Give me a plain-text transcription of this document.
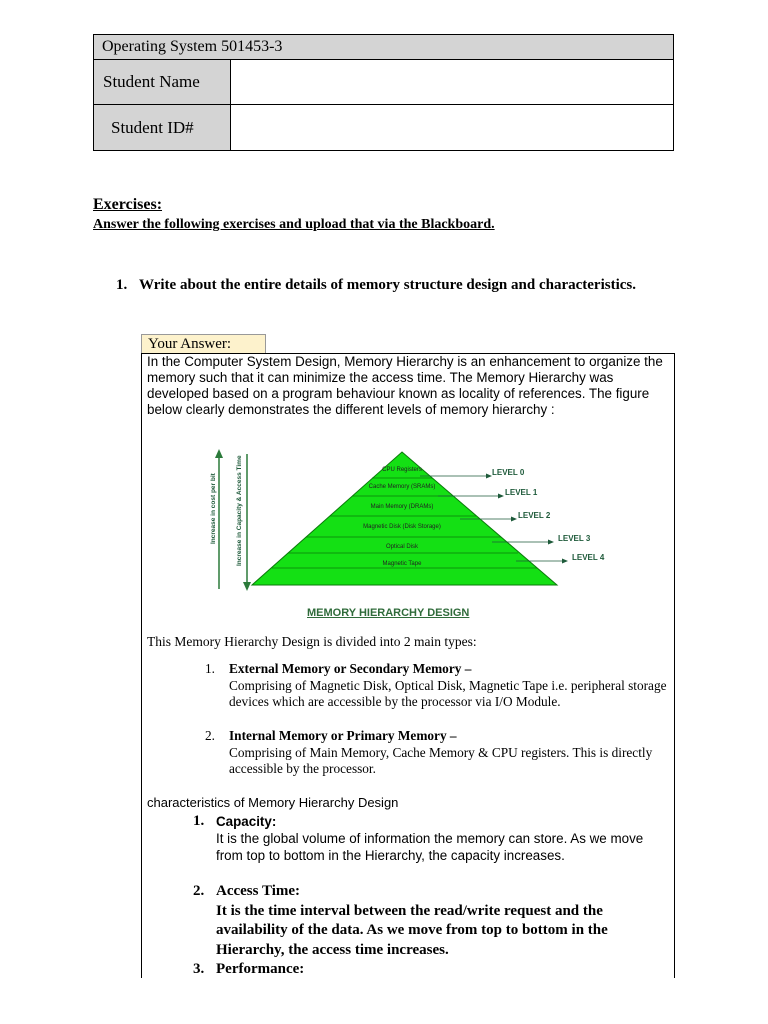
Operating System 501453-3
Student Name
Student ID#
Exercises:
Answer the following exercises and upload that via the Blackboard.
1. Write about the entire details of memory structure design and characteristics.
Your Answer:
In the Computer System Design, Memory Hierarchy is an enhancement to organize the memory such that it can minimize the access time. The Memory Hierarchy was developed based on a program behaviour known as locality of references. The figure below clearly demonstrates the different levels of memory hierarchy :
Increase in cost per bit	Increase in Capacity & Access Time	CPU Registers
Cache Memory (SRAMs)
Main Memory (DRAMs)
Magnetic Disk (Disk Storage)
Optical Disk
Magnetic Tape
LEVEL 0
LEVEL 1
LEVEL 2
LEVEL 3
LEVEL 4
MEMORY HIERARCHY DESIGN
This Memory Hierarchy Design is divided into 2 main types:
1. External Memory or Secondary Memory –
Comprising of Magnetic Disk, Optical Disk, Magnetic Tape i.e. peripheral storage devices which are accessible by the processor via I/O Module.
2. Internal Memory or Primary Memory –
Comprising of Main Memory, Cache Memory & CPU registers. This is directly accessible by the processor.
characteristics of Memory Hierarchy Design
1. Capacity:
It is the global volume of information the memory can store. As we move from top to bottom in the Hierarchy, the capacity increases.
2. Access Time:
It is the time interval between the read/write request and the availability of the data. As we move from top to bottom in the Hierarchy, the access time increases.
3. Performance:
